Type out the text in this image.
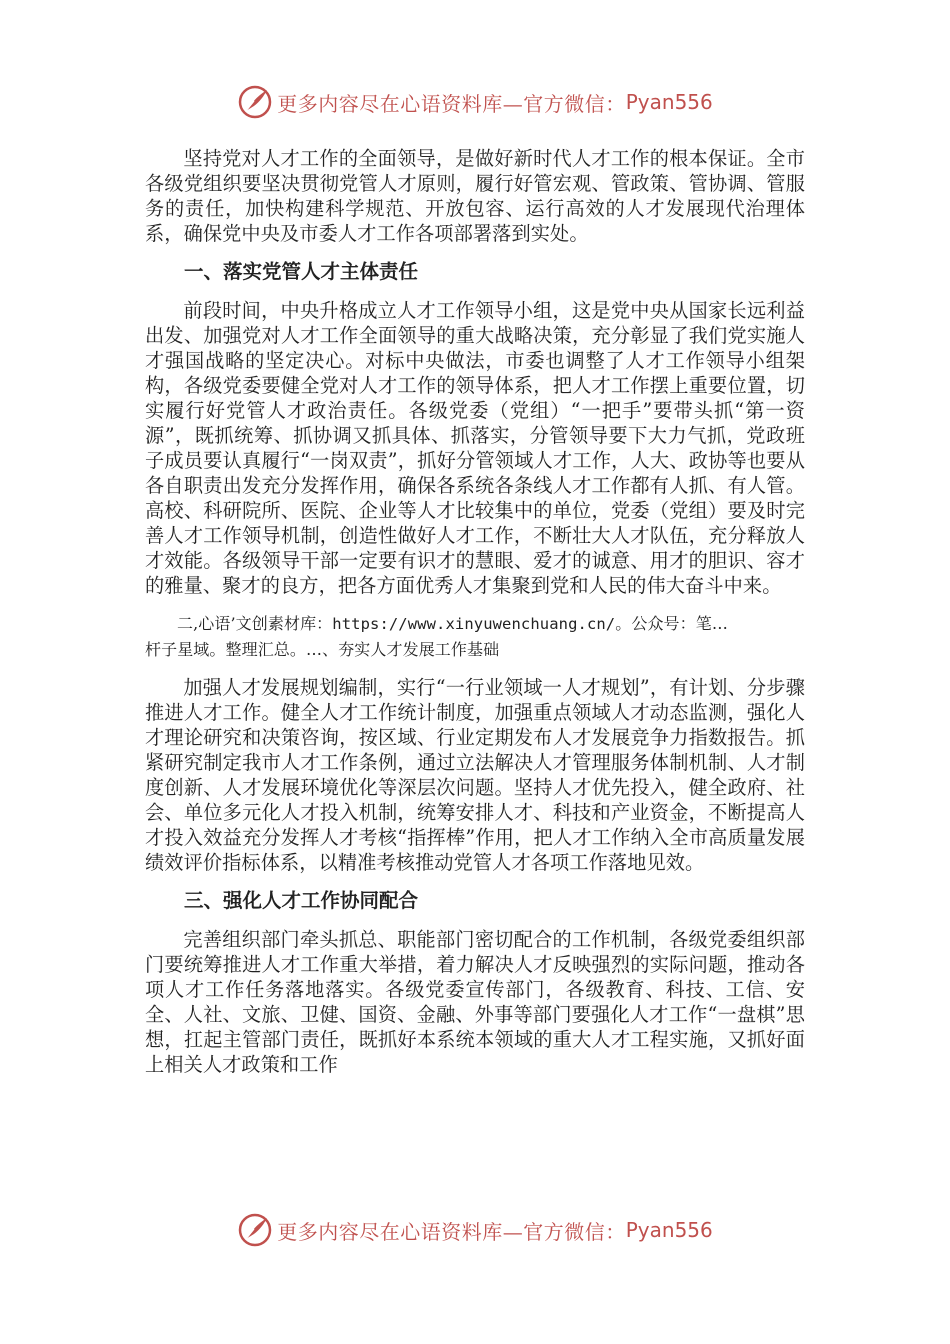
更多内容尽在心语资料库—官方微信： Pyan556

坚持党对人才工作的全面领导，是做好新时代人才工作的根本保证。全市各级党组织要坚决贯彻党管人才原则，履行好管宏观、管政策、管协调、管服务的责任，加快构建科学规范、开放包容、运行高效的人才发展现代治理体系，确保党中央及市委人才工作各项部署落到实处。

一、落实党管人才主体责任

前段时间，中央升格成立人才工作领导小组，这是党中央从国家长远利益出发、加强党对人才工作全面领导的重大战略决策，充分彰显了我们党实施人才强国战略的坚定决心。对标中央做法，市委也调整了人才工作领导小组架构，各级党委要健全党对人才工作的领导体系，把人才工作摆上重要位置，切实履行好党管人才政治责任。各级党委（党组）“一把手”要带头抓“第一资源”，既抓统筹、抓协调又抓具体、抓落实，分管领导要下大力气抓，党政班子成员要认真履行“一岗双责”，抓好分管领域人才工作，人大、政协等也要从各自职责出发充分发挥作用，确保各系统各条线人才工作都有人抓、有人管。高校、科研院所、医院、企业等人才比较集中的单位，党委（党组）要及时完善人才工作领导机制，创造性做好人才工作，不断壮大人才队伍，充分释放人才效能。各级领导干部一定要有识才的慧眼、爱才的诚意、用才的胆识、容才的雅量、聚才的良方，把各方面优秀人才集聚到党和人民的伟大奋斗中来。

二,心语’文创素材库：https://www.xinyuwenchuang.cn/。公众号：笔…

杆子星域。整理汇总。…、夯实人才发展工作基础

加强人才发展规划编制，实行“一行业领域一人才规划”，有计划、分步骤推进人才工作。健全人才工作统计制度，加强重点领域人才动态监测，强化人才理论研究和决策咨询，按区域、行业定期发布人才发展竞争力指数报告。抓紧研究制定我市人才工作条例，通过立法解决人才管理服务体制机制、人才制度创新、人才发展环境优化等深层次问题。坚持人才优先投入，健全政府、社会、单位多元化人才投入机制，统筹安排人才、科技和产业资金，不断提高人才投入效益充分发挥人才考核“指挥棒”作用，把人才工作纳入全市高质量发展绩效评价指标体系，以精准考核推动党管人才各项工作落地见效。

三、强化人才工作协同配合

完善组织部门牵头抓总、职能部门密切配合的工作机制，各级党委组织部门要统筹推进人才工作重大举措，着力解决人才反映强烈的实际问题，推动各项人才工作任务落地落实。各级党委宣传部门，各级教育、科技、工信、安全、人社、文旅、卫健、国资、金融、外事等部门要强化人才工作“一盘棋”思想，扛起主管部门责任，既抓好本系统本领域的重大人才工程实施，又抓好面上相关人才政策和工作

更多内容尽在心语资料库—官方微信： Pyan556
